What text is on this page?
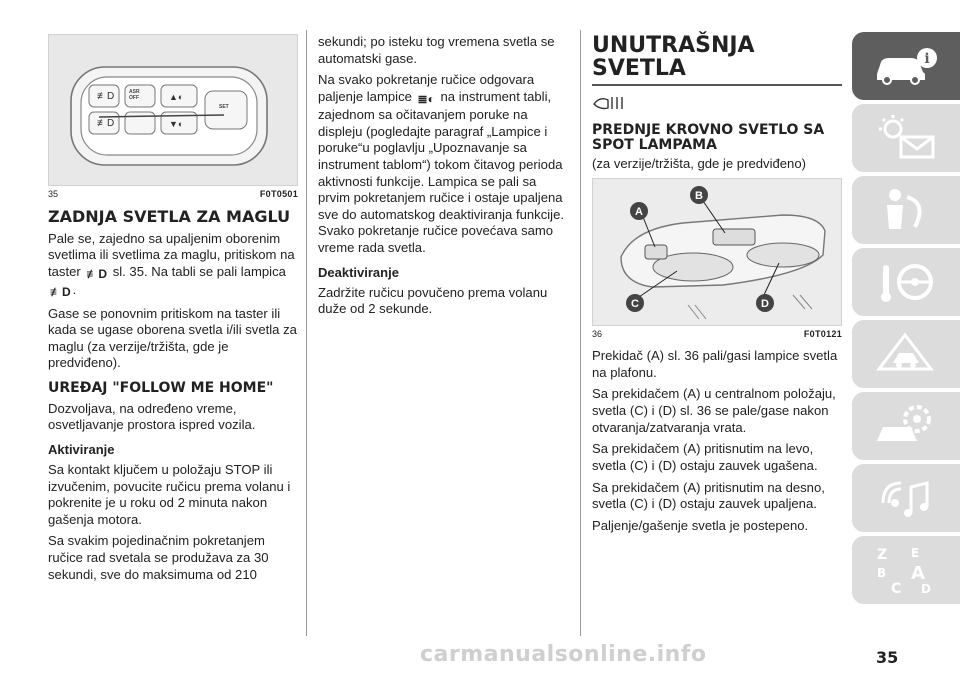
ASR
OFF
SET
≢D
≢D
▲◐
▼◐
35	F0T0501
ZADNJA SVETLA ZA MAGLU

Pale se, zajedno sa upaljenim oborenim svetlima ili svetlima za maglu, pritiskom na taster ≢D sl. 35. Na tabli se pali lampica ≢D .

Gase se ponovnim pritiskom na taster ili kada se ugase oborena svetla i/ili svetla za maglu (za verzije/tržišta, gde je predviđeno).

UREĐAJ "FOLLOW ME HOME"

Dozvoljava, na određeno vreme, osvetljavanje prostora ispred vozila.

Aktiviranje

Sa kontakt ključem u položaju STOP ili izvučenim, povucite ručicu prema volanu i pokrenite je u roku od 2 minuta nakon gašenja motora.

Sa svakim pojedinačnim pokretanjem ručice rad svetala se produžava za 30 sekundi, sve do maksimuma od 210

sekundi; po isteku tog vremena svetla se automatski gase.

Na svako pokretanje ručice odgovara paljenje lampice ≣◐ na instrument tabli, zajednom sa očitavanjem poruke na displeju (pogledajte paragraf „Lampice i poruke“u poglavlju „Upoznavanje sa instrument tablom“) tokom čitavog perioda aktivnosti funkcije. Lampica se pali sa prvim pokretanjem ručice i ostaje upaljena sve do automatskog deaktiviranja funkcije. Svako pokretanje ručice povećava samo vreme rada svetla.

Deaktiviranje

Zadržite ručicu povučeno prema volanu duže od 2 sekunde.

UNUTRAŠNJA SVETLA
PREDNJE KROVNO SVETLO SA SPOT LAMPAMA

(za verzije/tržišta, gde je predviđeno)

A
B
C	D
36	F0T0121

Prekidač (A) sl. 36 pali/gasi lampice svetla na plafonu.

Sa prekidačem (A) u centralnom položaju, svetla (C) i (D) sl. 36 se pale/gase nakon otvaranja/zatvaranja vrata.

Sa prekidačem (A) pritisnutim na levo, svetla (C) i (D) ostaju zauvek ugašena.

Sa prekidačem (A) pritisnutim na desno, svetla (C) i (D) ostaju zauvek upaljena.

Paljenje/gašenje svetla je postepeno.

i
Z E
B A
C D
35
carmanualsonline.info
